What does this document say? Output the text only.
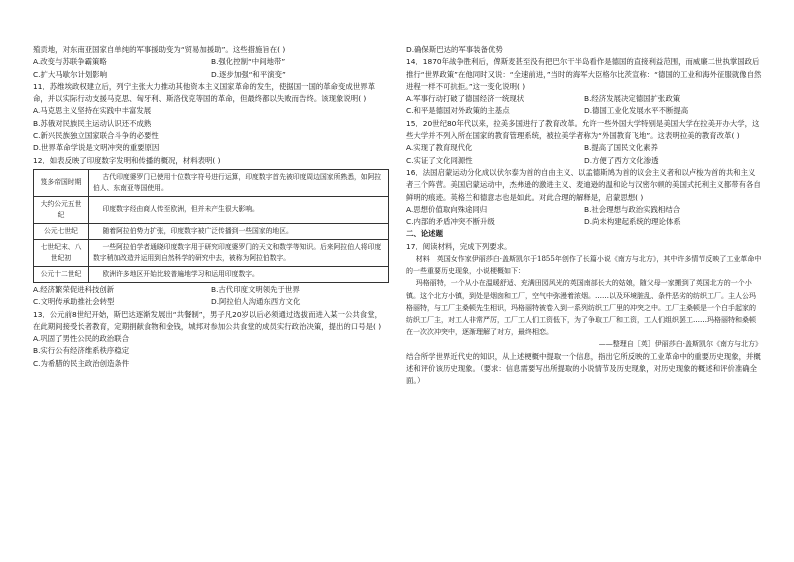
殖贡地，对东南亚国家自单纯的军事援助变为“贸易加援助”。这些措施旨在( )

A.改变与苏联争霸策略	B.强化控制“中间地带”
C.扩大马歇尔计划影响	D.逐步加强“和平演变”

11．苏维埃政权建立后，列宁主张大力推动其他资本主义国家革命的发生，使据国一国的革命变成世界革命，并以实际行动支援马克思、匈牙利、斯洛伐克等国的革命，但最终都以失败而告终。该现象说明( )

A.马克思主义坚持在实践中丰富发展

B.苏俄对民族民主运动认识还不成熟

C.新兴民族独立国家联合斗争的必要性

D.世界革命学说是文明冲突的重要原因

12．如表反映了印度数字发明和传播的概况，材料表明( )

笈多帝国时期	古代印度婆罗门已使用十位数字符号进行运算，印度数字首先被印度周边国家所熟悉，如阿拉伯人、东南亚等国使用。
大约公元五世纪	印度数字经由商人传至欧洲，但并未产生很大影响。
公元七世纪	随着阿拉伯势力扩张，印度数字被广泛传播到一些国家的地区。
七世纪末、八世纪初	一些阿拉伯学者通晓印度数字用于研究印度婆罗门的天文和数学等知识。后来阿拉伯人将印度数字稍加改造并运用到自然科学的研究中去，被称为阿拉伯数字。
公元十二世纪	欧洲许多地区开始比较普遍地学习和运用印度数字。
A.经济繁荣促进科技创新	B.古代印度文明领先于世界
C.文明传承助推社会转型	D.阿拉伯人沟通东西方文化

13．公元前8世纪开始，斯巴达逐渐发展出“共餐制”，男子凡20岁以后必须通过选拔而进入某一公共食堂，在此期间接受长者教育，定期捐献食物和金钱，城邦对参加公共食堂的成员实行政治决策，提出的口号是( )

A.巩固了男性公民的政治联合

B.实行公有经济维系秩序稳定

C.为希腊的民主政治创造条件

D.确保斯巴达的军事装备优势

14．1870年战争胜利后，俾斯麦甚至没有把巴尔干半岛看作是德国的直接利益范围，而威廉二世执掌国政后推行“世界政策”在他同时又说：“全速前进，”当时的海军大臣格尔比茨宣称：“德国的工业和海外征服就像自然进程一样不可抗拒。”这一变化说明( )

A.军事行动打破了德国经济一统现状	B.经济发展决定德国扩张政策
C.和平是德国对外政策的主基点	D.德国工业化发展水平不断提高

15．20世纪80年代以来，拉美多国进行了教育改革。允许一些外国大学特别是美国大学在拉美开办大学，这些大学并不列入所在国家的教育管理系统，被拉美学者称为“外国教育飞地”。这表明拉美的教育改革( )

A.实现了教育现代化	B.提高了国民文化素养
C.实证了文化同源性	D.方便了西方文化渗透

16．法国启蒙运动分化成以伏尔泰为首的自由主义、以孟德斯鸠为首的议会主义者和以卢梭为首的共和主义者三个阵营。美国启蒙运动中，杰弗逊的激进主义、麦迪逊的温和论与汉密尔顿的美国式托利主义都带有各自鲜明的痕迹。英格兰和德意志也是如此。对此合理的解释是，启蒙思想( )

A.思想价值取向殊途同归	B.社会理想与政治实践相结合
C.内部的矛盾冲突不断升级	D.尚未构建起系统的理论体系

二、论述题

17．阅读材料，完成下列要求。

材料　英国女作家伊丽莎白·盖斯凯尔于1855年创作了长篇小说《南方与北方》，其中许多情节反映了工业革命中的一些重要历史现象，小说梗概如下：

玛格丽特，一个从小在温暖舒适、充满田园风光的英国南部长大的姑娘，随父母一家搬到了英国北方的一个小镇。这个北方小镇，到处是烟囱和工厂，空气中弥漫着浓烟。……以及环境脏乱、条件恶劣的纺织工厂。主人公玛格丽特，与工厂主桑顿先生相识，玛格丽特被卷入到一系列纺织工厂里的冲突之中。工厂主桑顿是一个白手起家的纺织工厂主，对工人非常严厉，工厂工人们工资低下，为了争取工厂和工资，工人们组织罢工……玛格丽特和桑顿在一次次冲突中，逐渐理解了对方，最终相恋。

——整理自［英］伊丽莎白·盖斯凯尔《南方与北方》

结合所学世界近代史的知识，从上述梗概中提取一个信息，指出它所反映的工业革命中的重要历史现象，并概述和评价该历史现象。（要求：信息需要写出所提取的小说情节及历史现象，对历史现象的概述和评价准确全面。）
